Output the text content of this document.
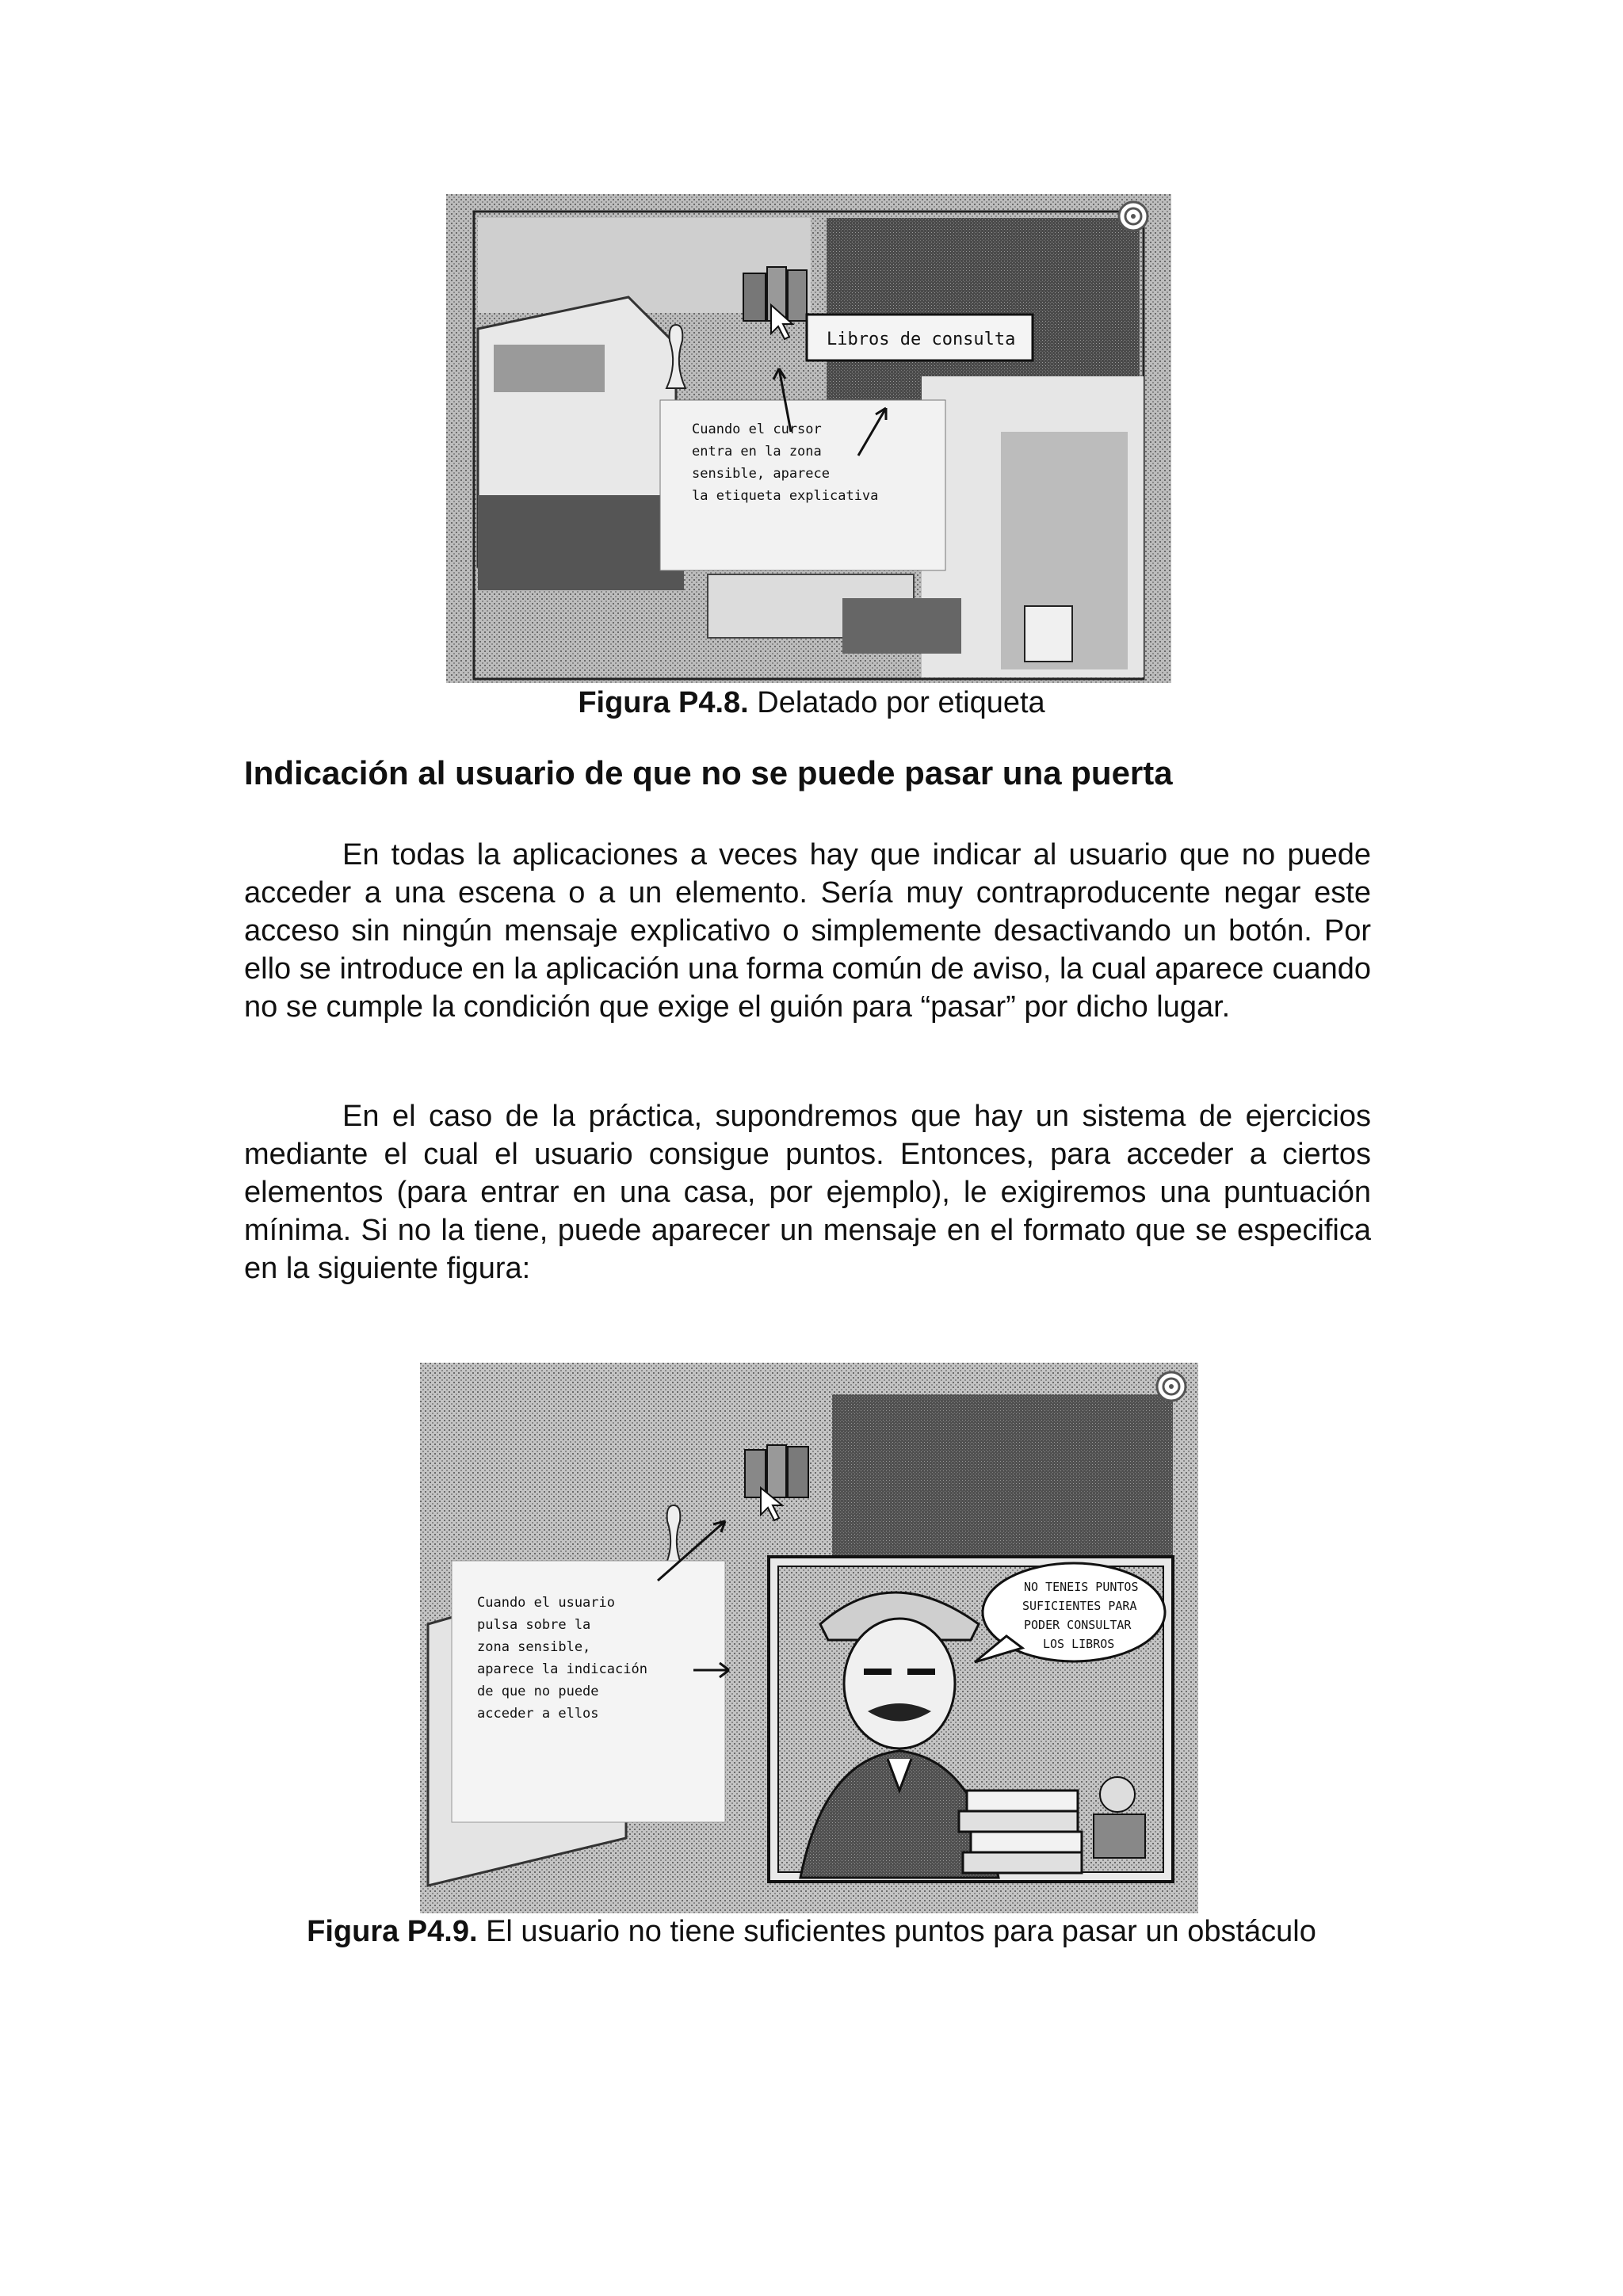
Libros de consulta
Cuando el cursor
entra en la zona
sensible, aparece
la etiqueta explicativa
Figura P4.8. Delatado por etiqueta
Indicación al usuario de que no se puede pasar una puerta

En todas la aplicaciones a veces hay que indicar al usuario que no puede acceder a una escena o a un elemento. Sería muy contraproducente negar este acceso sin ningún mensaje explicativo o simplemente desactivando un botón. Por ello se introduce en la aplicación una forma común de aviso, la cual aparece cuando no se cumple la condición que exige el guión para “pasar” por dicho lugar.

En el caso de la práctica, supondremos que hay un sistema de ejercicios mediante el cual el usuario consigue puntos. Entonces, para acceder a ciertos elementos (para entrar en una casa, por ejemplo), le exigiremos una puntuación mínima. Si no la tiene, puede aparecer un mensaje en el formato que se especifica en la siguiente figura:

Cuando el usuario
pulsa sobre la
zona sensible,
aparece la indicación
de que no puede
acceder a ellos
NO TENEIS PUNTOS
SUFICIENTES PARA
PODER CONSULTAR
LOS LIBROS
Figura P4.9. El usuario no tiene suficientes puntos para pasar un obstáculo
